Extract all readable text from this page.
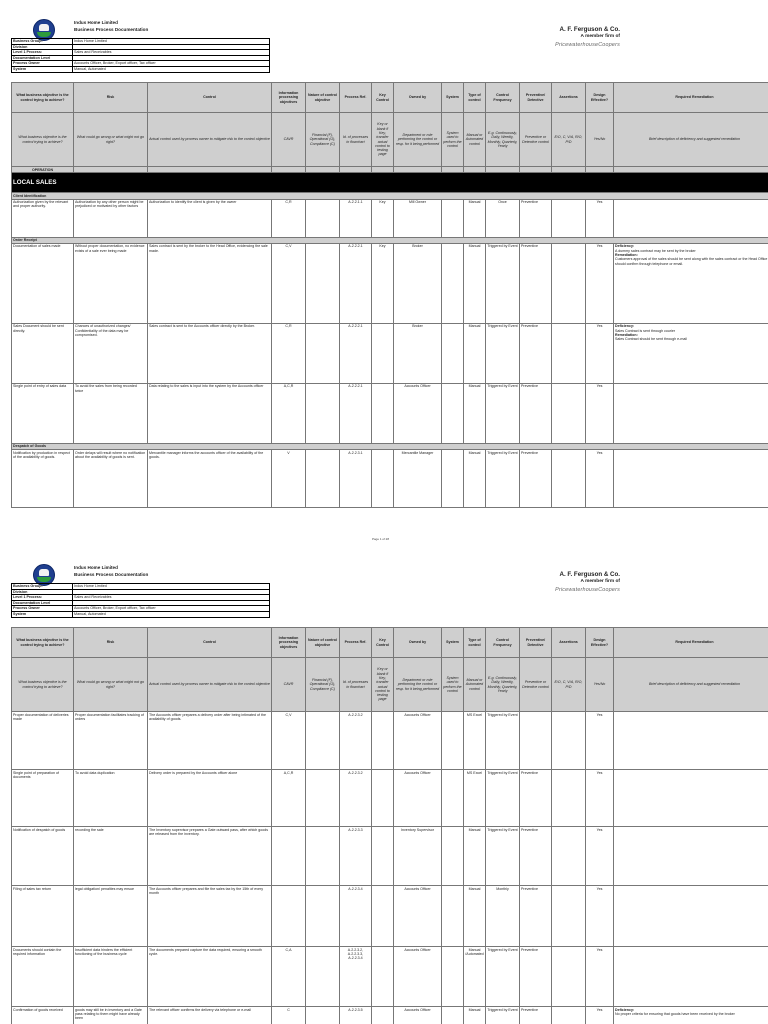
Indus Home Limited
Business Process Documentation	A. F. Ferguson & Co.
A member firm of
PricewaterhouseCoopers
Business Group:	Indus Home Limited
Division	
Level 1 Process:	Sales and Receivables
Documentation Level	
Process Owner	Accounts Officer, Broker, Export officer, Tax officer
System	Manual, Automated
What business objective is the control trying to achieve?	Risk	Control	Information processing objectives	Nature of control objective	Process Ref.	Key Control	Owned by	System	Type of control	Control Frequency	Preventive/ Detective	Assertions	Design Effective?	Required Remediation
What business objective is the control trying to achieve?	What could go wrong or what might not go right?	Actual control used by process owner to mitigate risk to the control objective	CAVR	Financial (F), Operational (O), Compliance (C)	Id. of processes in flowchart	Key or blank if Key, transfer actual control to testing page	Department or role performing the control or resp. for it being performed	System used to perform the control	Manual or Automated control	E.g. Continuously, Daily, Weekly, Monthly, Quarterly, Yearly	Preventive or Detective control	E/O, C, V/A, R/O, P/D	Yes/No	Brief description of deficiency and suggested remediation
OPERATION														
LOCAL SALES														
Client Identification														
Authorization given by the relevant and proper authority.	Authorization by any other person might be prejudiced or motivated by other factors	Authorization to identify the client is given by the owner	C,R		A.2.2.1.1	Key	Mill Owner		Manual	Once	Preventive		Yes	
Order Receipt														
Documentation of sales made	Without proper documentation, no evidence exists of a sale ever being made	Sales contract is sent by the broker to the Head Office, evidencing the sale made.	C,V		A.2.2.2.1	Key	Broker		Manual	Triggered by Event	Preventive		Yes	Deficiency:
A dummy sales contract may be sent by the broker
Remediation:
Customers approval of the sales should be sent along with the sales contract or the Head Office should confirm through telephone or email.

Sales Document should be sent directly.	Chances of unauthorized changes/ Confidentiality of the data may be compromised.	Sales contract is sent to the Accounts officer directly by the Broker.	C,R		A.2.2.2.1		Broker		Manual	Triggered by Event	Preventive		Yes	Deficiency:
Sales Contract is sent through courier
Remediation:
Sales Contract should be sent through e-mail

Single point of entry of sales data	To avoid the sales from being recorded twice	Data relating to the sales is input into the system by the Accounts officer	A,C,R		A.2.2.2.1		Accounts Officer		Manual	Triggered by Event	Preventive		Yes	
Despatch of Goods														
Notification by production in respect of the availability of goods.	Order delays will result where no notification about the availability of goods is sent.	Mercantile manager informs the accounts officer of the availability of the goods.	V		A.2.2.3.1		Mercantile Manager		Manual	Triggered by Event	Preventive		Yes	
Page 1 of 28
Indus Home Limited
Business Process Documentation	A. F. Ferguson & Co.
A member firm of
PricewaterhouseCoopers
Business Group:	Indus Home Limited
Division	
Level 1 Process:	Sales and Receivables
Documentation Level	
Process Owner	Accounts Officer, Broker, Export officer, Tax officer
System	Manual, Automated
What business objective is the control trying to achieve?	Risk	Control	Information processing objectives	Nature of control objective	Process Ref.	Key Control	Owned by	System	Type of control	Control Frequency	Preventive/ Detective	Assertions	Design Effective?	Required Remediation
What business objective is the control trying to achieve?	What could go wrong or what might not go right?	Actual control used by process owner to mitigate risk to the control objective	CAVR	Financial (F), Operational (O), Compliance (C)	Id. of processes in flowchart	Key or blank if Key, transfer actual control to testing page	Department or role performing the control or resp. for it being performed	System used to perform the control	Manual or Automated control	E.g. Continuously, Daily, Weekly, Monthly, Quarterly, Yearly	Preventive or Detective control	E/O, C, V/A, R/O, P/D	Yes/No	Brief description of deficiency and suggested remediation
Proper documentation of deliveries made	Proper documentation facilitates tracking of orders	The Accounts officer prepares a delivery order after being intimated of the availability of goods.	C,V		A.2.2.3.2		Accounts Officer		MS Excel	Triggered by Event			Yes	
Single point of preparation of documents	To avoid data duplication	Delivery order is prepared by the Accounts officer alone	A,C,R		A.2.2.3.2		Accounts Officer		MS Excel	Triggered by Event	Preventive		Yes	
Notification of despatch of goods	recording the sale	The Inventory supervisor prepares a Gate outward pass, after which goods are released from the inventory.			A.2.2.3.3		Inventory Supervisor		Manual	Triggered by Event	Preventive		Yes	
Filing of sales tax return	legal obligation/ penalties may ensue	The Accounts officer prepares and file the sales tax by the 15th of every month			A.2.2.3.4		Accounts Officer		Manual	Monthly	Preventive		Yes	
Documents should contain the required information	Insufficient data hinders the efficient functioning of the business cycle	The documents prepared capture the data required, ensuring a smooth cycle.	C,A		A.2.2.3.2, A.2.2.3.3, A.2.2.3.4		Accounts Officer		Manual /Automated	Triggered by Event	Preventive		Yes	
Confirmation of goods received	goods may still be in inventory and a Gate pass relating to them might have already been	The relevant officer confirms the delivery via telephone or e-mail	C		A.2.2.3.5		Accounts Officer		Manual	Triggered by Event	Preventive		Yes	Deficiency:
No proper criteria for ensuring that goods have been received by the broker
